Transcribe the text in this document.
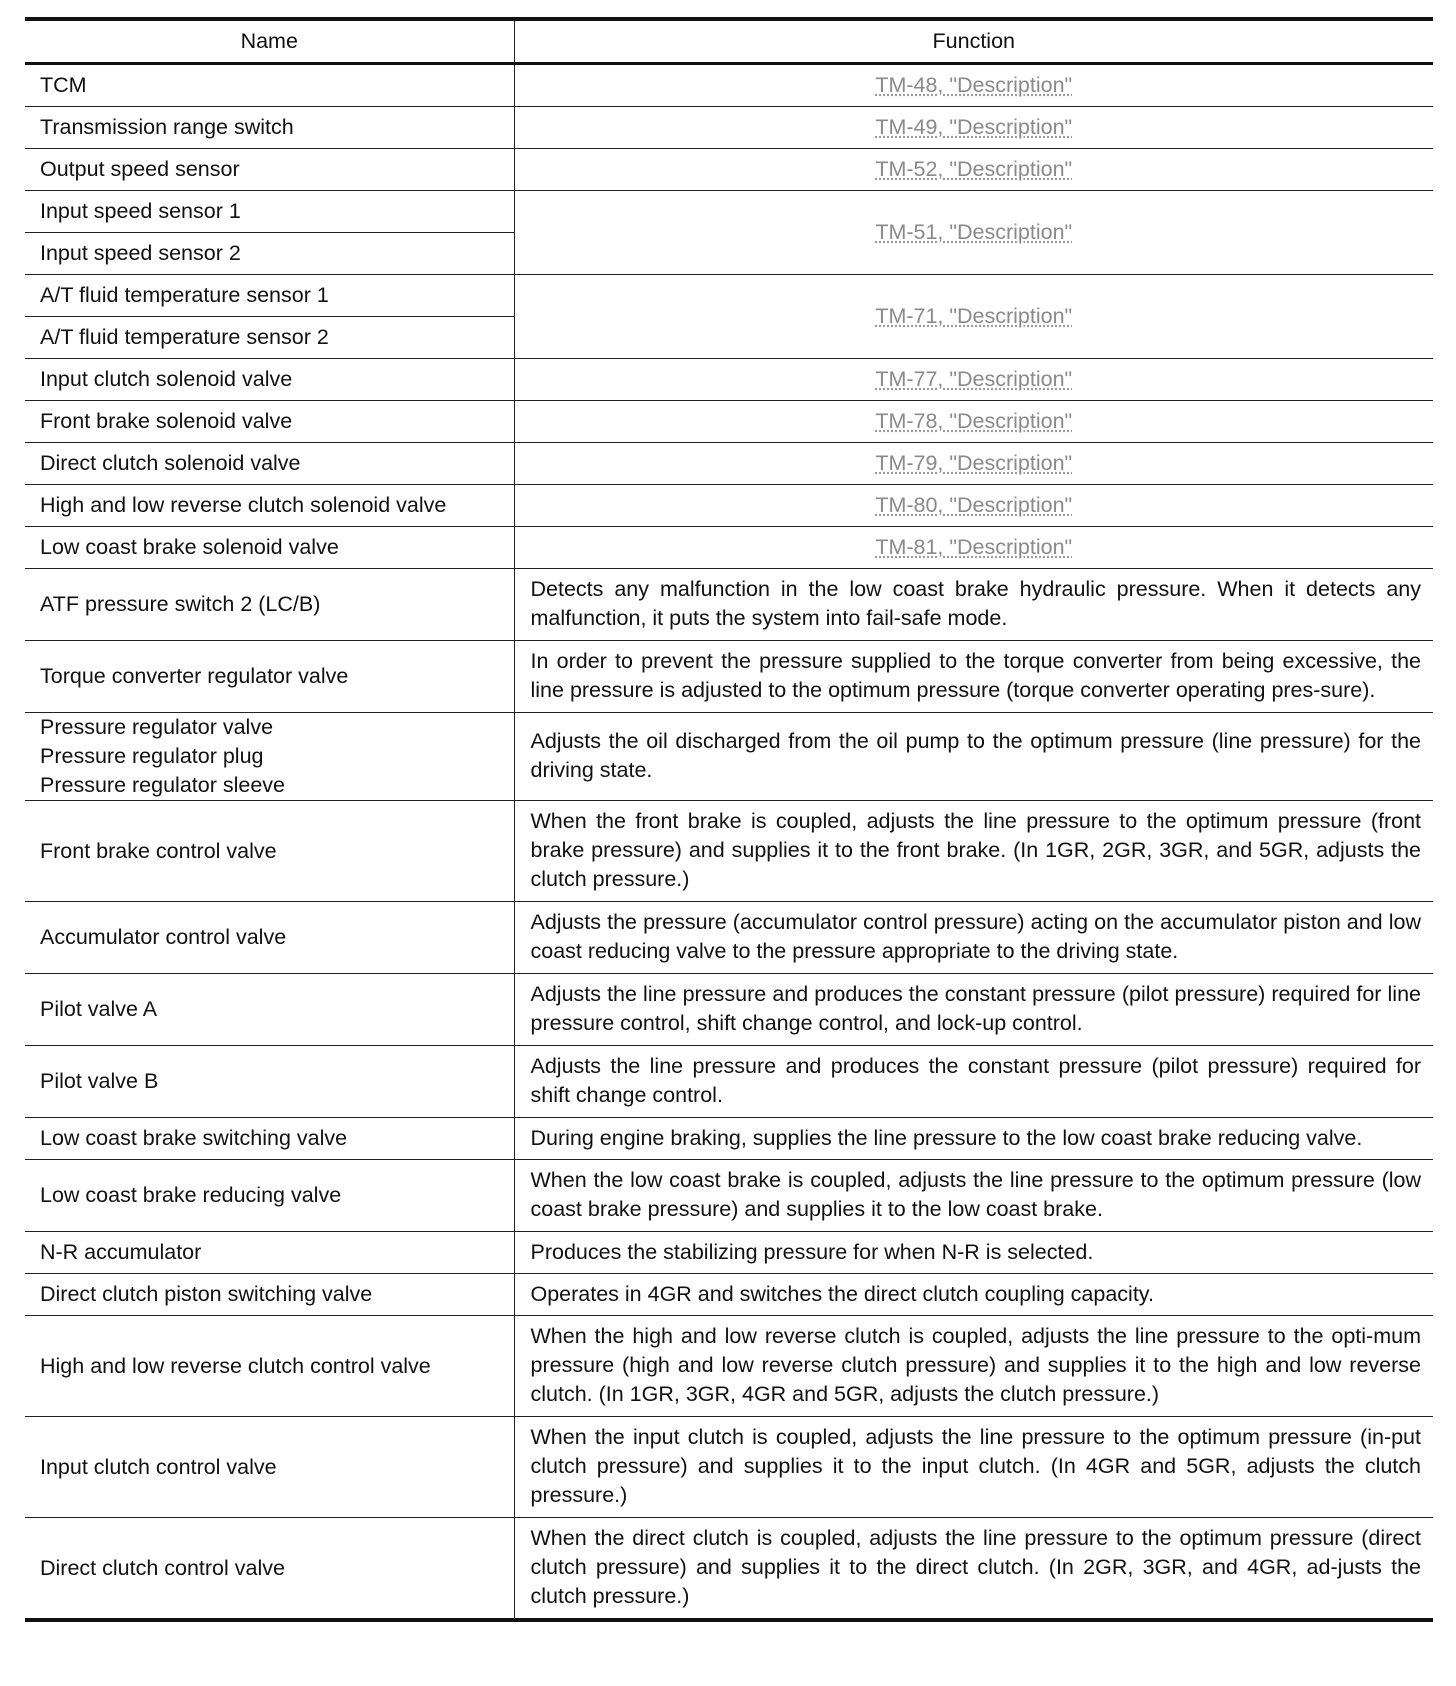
Name	Function
TCM	TM-48, "Description"
Transmission range switch	TM-49, "Description"
Output speed sensor	TM-52, "Description"
Input speed sensor 1	TM-51, "Description"
Input speed sensor 2	
A/T fluid temperature sensor 1	TM-71, "Description"
A/T fluid temperature sensor 2	
Input clutch solenoid valve	TM-77, "Description"
Front brake solenoid valve	TM-78, "Description"
Direct clutch solenoid valve	TM-79, "Description"
High and low reverse clutch solenoid valve	TM-80, "Description"
Low coast brake solenoid valve	TM-81, "Description"
ATF pressure switch 2 (LC/B)	Detects any malfunction in the low coast brake hydraulic pressure. When it detects any malfunction, it puts the system into fail-safe mode.
Torque converter regulator valve	In order to prevent the pressure supplied to the torque converter from being excessive, the line pressure is adjusted to the optimum pressure (torque converter operating pres-sure).
Pressure regulator valve
Pressure regulator plug
Pressure regulator sleeve	Adjusts the oil discharged from the oil pump to the optimum pressure (line pressure) for the driving state.
Front brake control valve	When the front brake is coupled, adjusts the line pressure to the optimum pressure (front brake pressure) and supplies it to the front brake. (In 1GR, 2GR, 3GR, and 5GR, adjusts the clutch pressure.)
Accumulator control valve	Adjusts the pressure (accumulator control pressure) acting on the accumulator piston and low coast reducing valve to the pressure appropriate to the driving state.
Pilot valve A	Adjusts the line pressure and produces the constant pressure (pilot pressure) required for line pressure control, shift change control, and lock-up control.
Pilot valve B	Adjusts the line pressure and produces the constant pressure (pilot pressure) required for shift change control.
Low coast brake switching valve	During engine braking, supplies the line pressure to the low coast brake reducing valve.
Low coast brake reducing valve	When the low coast brake is coupled, adjusts the line pressure to the optimum pressure (low coast brake pressure) and supplies it to the low coast brake.
N-R accumulator	Produces the stabilizing pressure for when N-R is selected.
Direct clutch piston switching valve	Operates in 4GR and switches the direct clutch coupling capacity.
High and low reverse clutch control valve	When the high and low reverse clutch is coupled, adjusts the line pressure to the opti-mum pressure (high and low reverse clutch pressure) and supplies it to the high and low reverse clutch. (In 1GR, 3GR, 4GR and 5GR, adjusts the clutch pressure.)
Input clutch control valve	When the input clutch is coupled, adjusts the line pressure to the optimum pressure (in-put clutch pressure) and supplies it to the input clutch. (In 4GR and 5GR, adjusts the clutch pressure.)
Direct clutch control valve	When the direct clutch is coupled, adjusts the line pressure to the optimum pressure (direct clutch pressure) and supplies it to the direct clutch. (In 2GR, 3GR, and 4GR, ad-justs the clutch pressure.)
